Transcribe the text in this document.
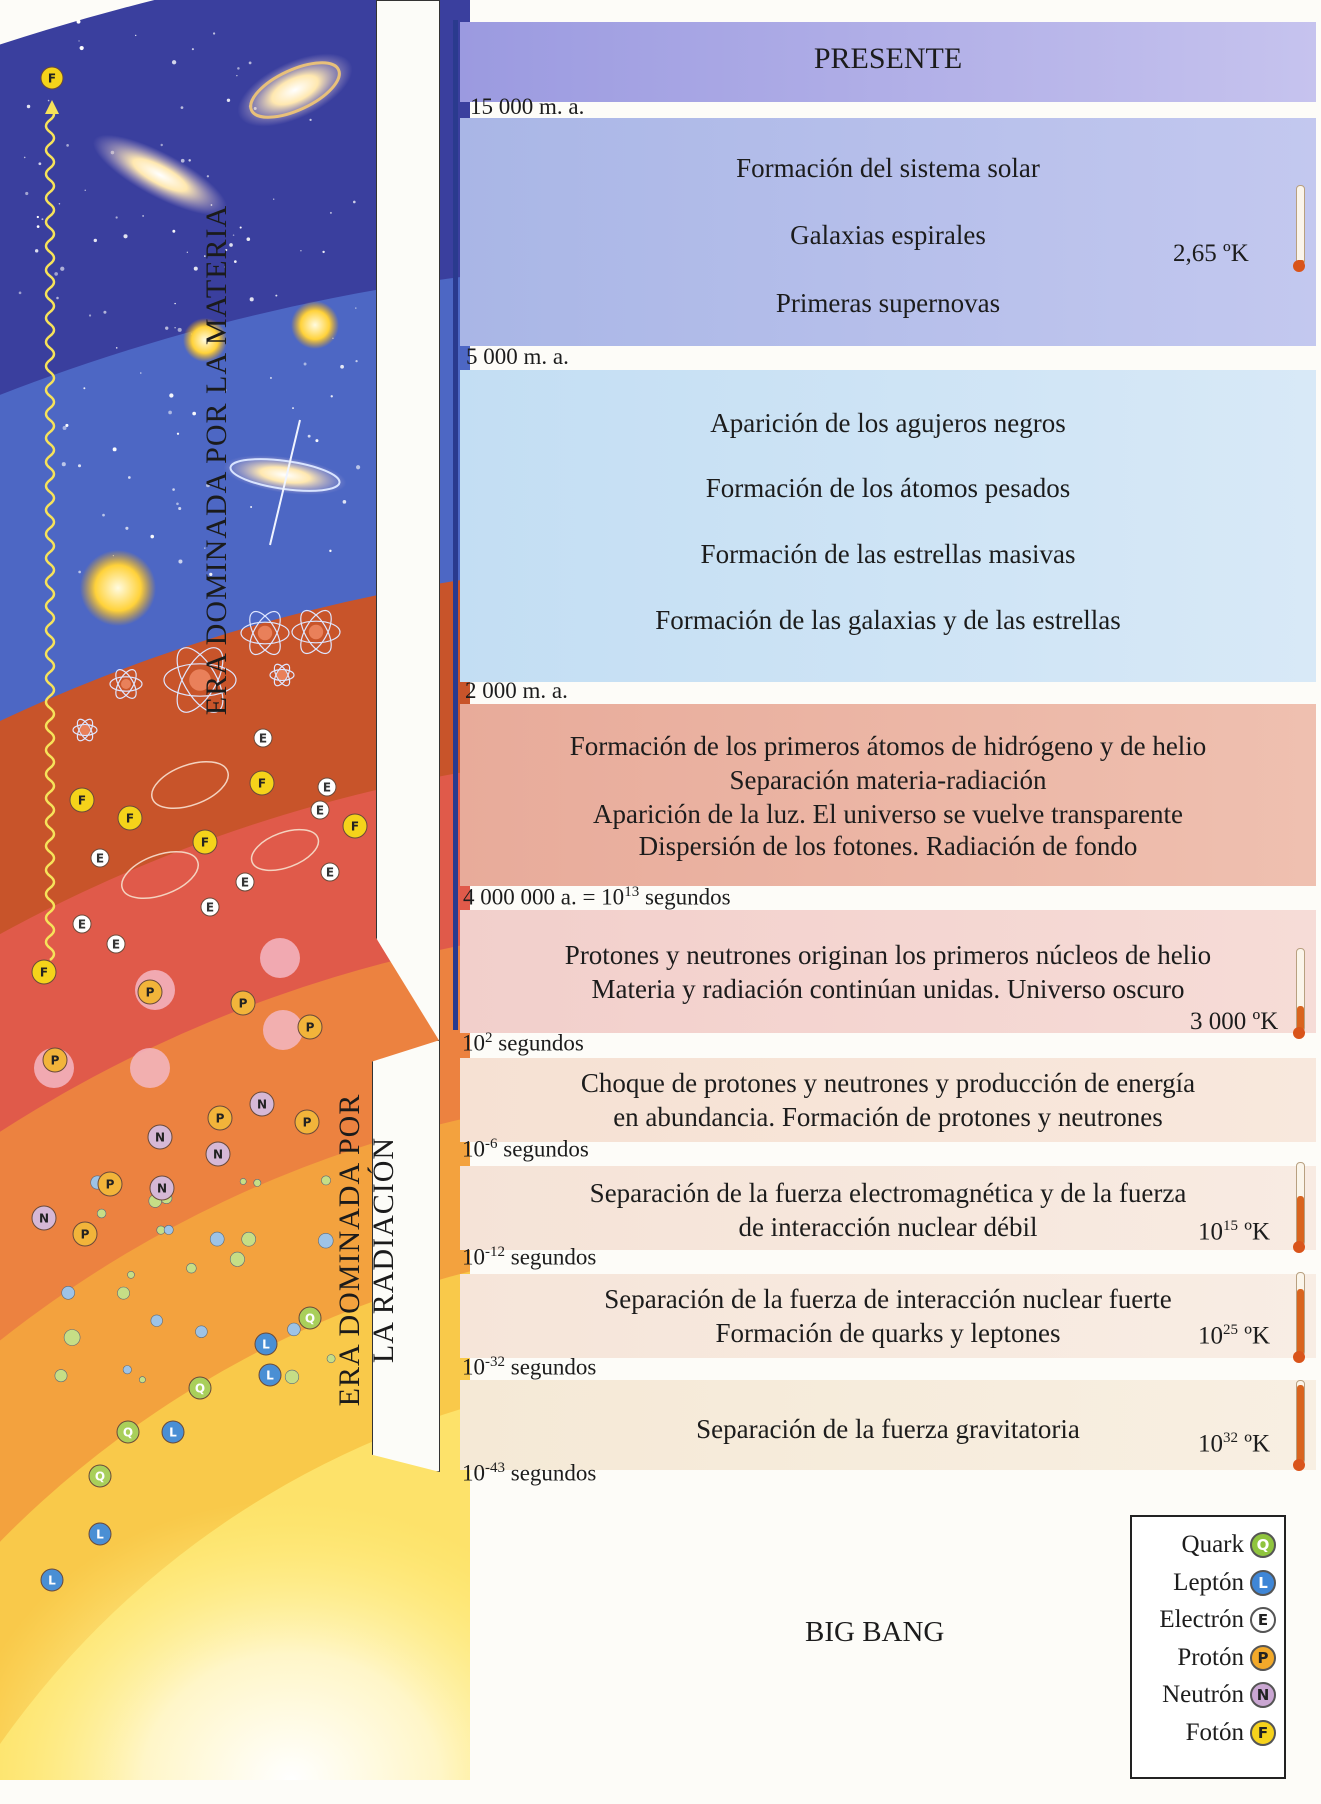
F
F
E
E
E
E
E
E
E
E
E
F
F
F
F
F
P
P
P
P
P	P
P
P
N
N
N
N
N
Q
Q
Q
Q
L
L
L
L
L
ERA DOMINADA POR LA MATERIA
ERA DOMINADA POR LA RADIACIÓN
PRESENTE
Formación del sistema solar
Galaxias espirales
Primeras supernovas
Aparición de los agujeros negros
Formación de los átomos pesados
Formación de las estrellas masivas
Formación de las galaxias y de las estrellas
Formación de los primeros átomos de hidrógeno y de helio
Separación materia-radiación
Aparición de la luz. El universo se vuelve transparente
Dispersión de los fotones. Radiación de fondo
Protones y neutrones originan los primeros núcleos de helio
Materia y radiación continúan unidas. Universo oscuro
Choque de protones y neutrones y producción de energía
en abundancia. Formación de protones y neutrones
Separación de la fuerza electromagnética y de la fuerza
de interacción nuclear débil
Separación de la fuerza de interacción nuclear fuerte
Formación de quarks y leptones
Separación de la fuerza gravitatoria
15 000 m. a.
5 000 m. a.
2 000 m. a.
4 000 000 a. = $10^{13}$ segundos
$10^2$ segundos
$10^{-6}$ segundos
$10^{-12}$ segundos
$10^{-32}$ segundos
$10^{-43}$ segundos
2,65 ºK
3 000 ºK
$10^{15}$ ºK
$10^{25}$ ºK
$10^{32}$ ºK
BIG BANG
Quark Q
Leptón L
Electrón E
Protón P
Neutrón N
Fotón F
